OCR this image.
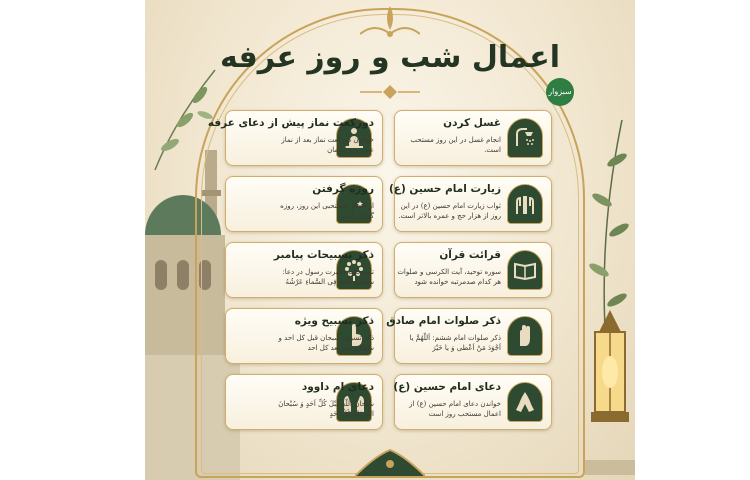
اعمال شب و روز عرفه
سبزوار
غسل کردن
انجام غسل در این روز مستحب است.
دورکعت نماز پیش از دعای عرفه
خواندن دورکعت نماز بعد از نماز عصر زیر آسمان
زیارت امام حسین (ع)
ثواب زیارت امام حسین (ع) در این روز از هزار حج و عمره بالاتر است.
روزه گرفتن
از اعمال مستحبی این روز، روزه گرفتن است
قرائت قرآن
سوره توحید، آیت الکرسی و صلوات هر کدام صدمرتبه خوانده شود
ذکر تسبیحات پیامبر
تسبیحات حضرت رسول در دعا: سُبْحانَ الَّذى فِى السَّماءِ عَرْشُهُ
ذکر صلوات امام صادق
ذکر صلوات امام ششم: اَللّهُمَّ یا اَجْوَدَ مَنْ اَعْطى وَ یا خَیْرَ
ذکر تسبیح ویژه
ذکر تسبیح: سبحان قبل کل احد و سبحان الله بعد کل احد
دعای امام حسین (ع)
خواندن دعای امام حسین (ع) از اعمال مستحب روز است
دعای ام داوود
سُبْحانَ اللّهِ قَبْلَ كُلِّ اَحَدٍ وَ سُبْحانَ اللّهِ بَعْدَ كُلِّ اَحَدٍ
